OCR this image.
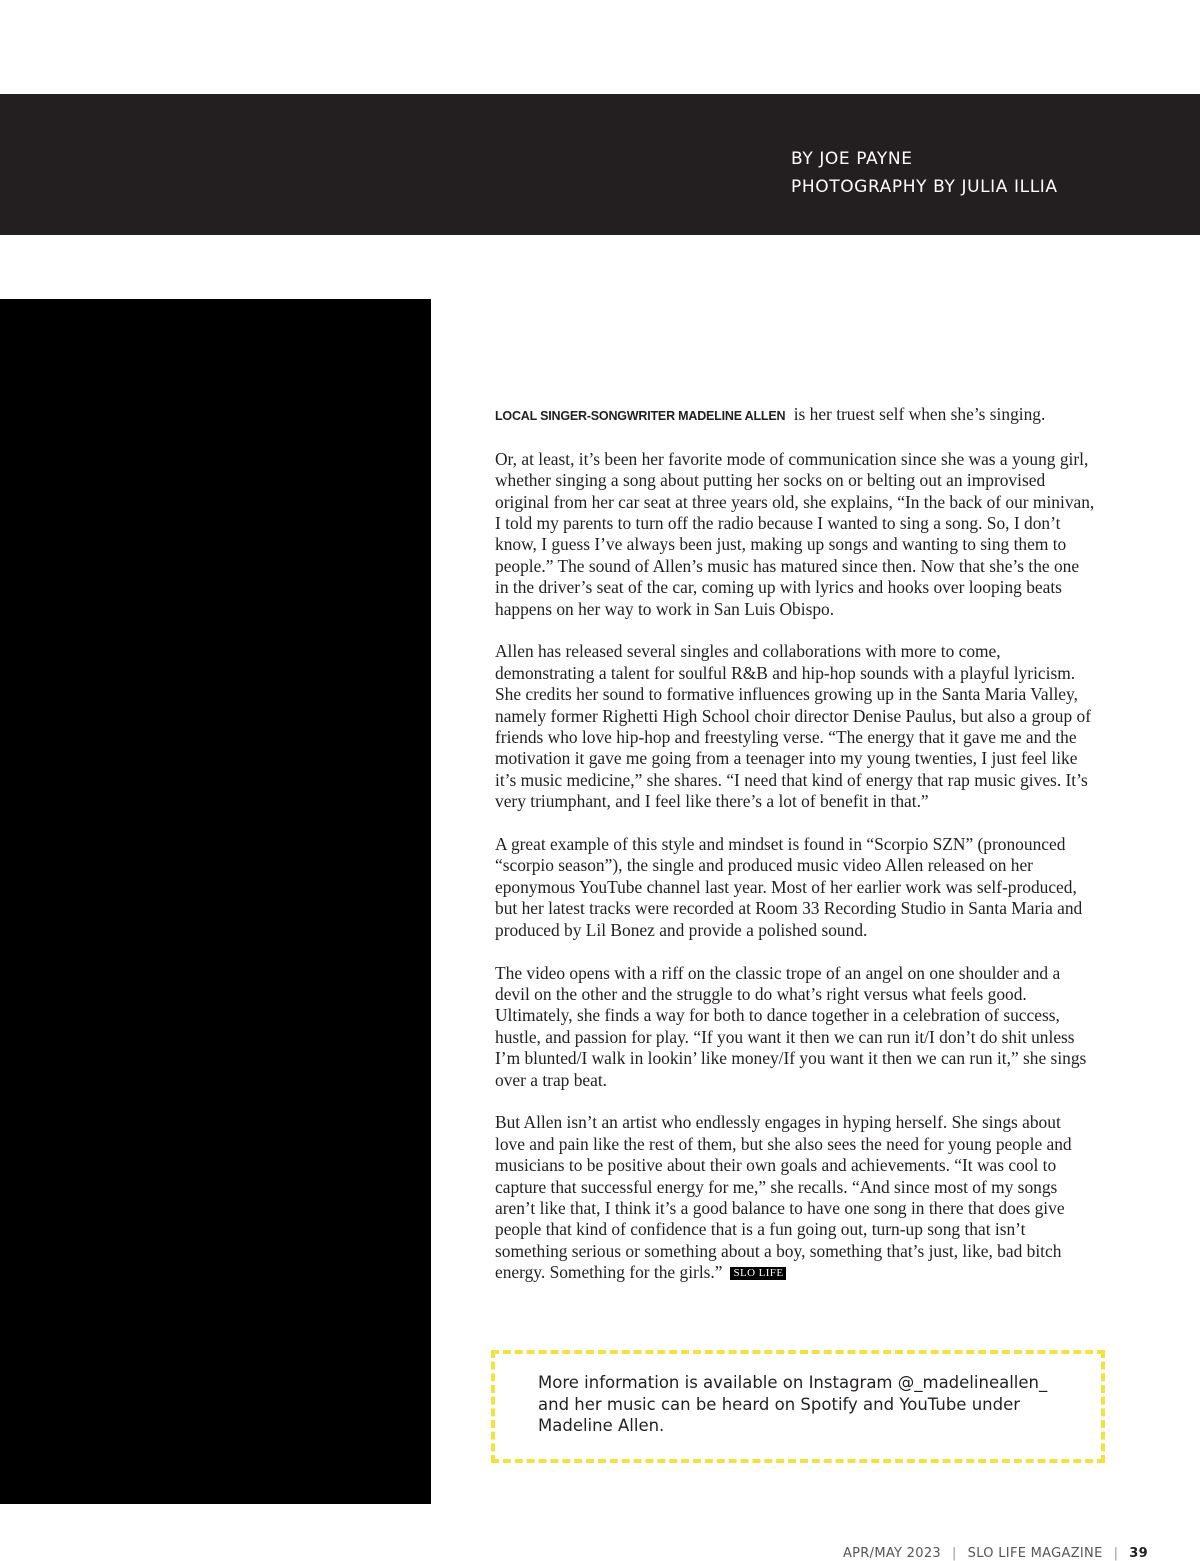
BY JOE PAYNE
PHOTOGRAPHY BY JULIA ILLIA

LOCAL SINGER-SONGWRITER MADELINE ALLEN is her truest self when she’s singing.

Or, at least, it’s been her favorite mode of communication since she was a young girl, whether singing a song about putting her socks on or belting out an improvised original from her car seat at three years old, she explains, “In the back of our minivan, I told my parents to turn off the radio because I wanted to sing a song. So, I don’t know, I guess I’ve always been just, making up songs and wanting to sing them to people.” The sound of Allen’s music has matured since then. Now that she’s the one in the driver’s seat of the car, coming up with lyrics and hooks over looping beats happens on her way to work in San Luis Obispo.

Allen has released several singles and collaborations with more to come, demonstrating a talent for soulful R&B and hip-hop sounds with a playful lyricism. She credits her sound to formative influences growing up in the Santa Maria Valley, namely former Righetti High School choir director Denise Paulus, but also a group of friends who love hip-hop and freestyling verse. “The energy that it gave me and the motivation it gave me going from a teenager into my young twenties, I just feel like it’s music medicine,” she shares. “I need that kind of energy that rap music gives. It’s very triumphant, and I feel like there’s a lot of benefit in that.”

A great example of this style and mindset is found in “Scorpio SZN” (pronounced “scorpio season”), the single and produced music video Allen released on her eponymous YouTube channel last year. Most of her earlier work was self-produced, but her latest tracks were recorded at Room 33 Recording Studio in Santa Maria and produced by Lil Bonez and provide a polished sound.

The video opens with a riff on the classic trope of an angel on one shoulder and a devil on the other and the struggle to do what’s right versus what feels good. Ultimately, she finds a way for both to dance together in a celebration of success, hustle, and passion for play. “If you want it then we can run it/I don’t do shit unless I’m blunted/I walk in lookin’ like money/If you want it then we can run it,” she sings over a trap beat.

But Allen isn’t an artist who endlessly engages in hyping herself. She sings about love and pain like the rest of them, but she also sees the need for young people and musicians to be positive about their own goals and achievements. “It was cool to capture that successful energy for me,” she recalls. “And since most of my songs aren’t like that, I think it’s a good balance to have one song in there that does give people that kind of confidence that is a fun going out, turn-up song that isn’t something serious or something about a boy, something that’s just, like, bad bitch energy. Something for the girls.” SLO LIFE

More information is available on Instagram @_madelineallen_ and her music can be heard on Spotify and YouTube under Madeline Allen.
APR/MAY 2023 | SLO LIFE MAGAZINE | 39
